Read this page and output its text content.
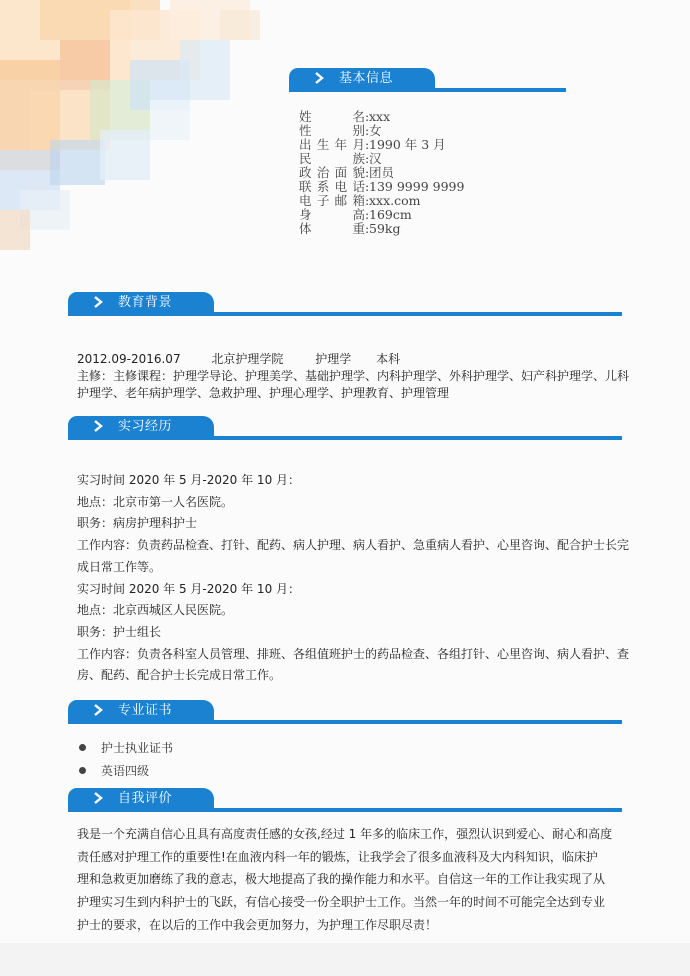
基本信息
姓名 : xxx
性别 : 女
出生年月 : 1990 年 3 月
民族 : 汉
政治面貌 : 团员
联系电话 : 139 9999 9999
电子邮箱 : xxx.com
身高 : 169cm
体重 : 59kg
教育背景
2012.09-2016.07	北京护理学院	护理学 本科
主修：主修课程：护理学导论、护理美学、基础护理学、内科护理学、外科护理学、妇产科护理学、儿科
护理学、老年病护理学、急救护理、护理心理学、护理教育、护理管理
实习经历
实习时间 2020 年 5 月-2020 年 10 月：
地点：北京市第一人名医院。
职务：病房护理科护士
工作内容：负责药品检查、打针、配药、病人护理、病人看护、急重病人看护、心里咨询、配合护士长完
成日常工作等。
实习时间 2020 年 5 月-2020 年 10 月：
地点：北京西城区人民医院。
职务：护士组长
工作内容：负责各科室人员管理、排班、各组值班护士的药品检查、各组打针、心里咨询、病人看护、查
房、配药、配合护士长完成日常工作。
专业证书
护士执业证书
英语四级
自我评价
我是一个充满自信心且具有高度责任感的女孩,经过 1 年多的临床工作，强烈认识到爱心、耐心和高度
责任感对护理工作的重要性!在血液内科一年的锻炼，让我学会了很多血液科及大内科知识，临床护
理和急救更加磨练了我的意志，极大地提高了我的操作能力和水平。自信这一年的工作让我实现了从
护理实习生到内科护士的飞跃，有信心接受一份全职护士工作。当然一年的时间不可能完全达到专业
护士的要求，在以后的工作中我会更加努力，为护理工作尽职尽责！
